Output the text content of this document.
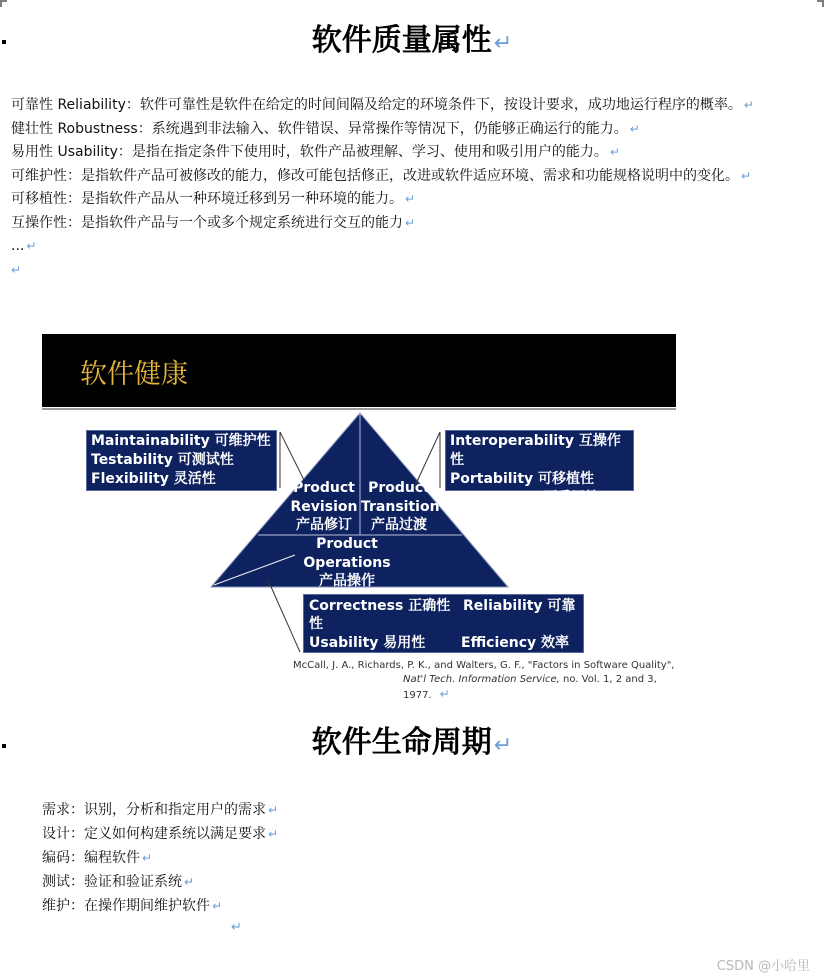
软件质量属性↵

可靠性 Reliability：软件可靠性是软件在给定的时间间隔及给定的环境条件下，按设计要求，成功地运行程序的概率。 ↵

健壮性 Robustness：系统遇到非法输入、软件错误、异常操作等情况下，仍能够正确运行的能力。 ↵

易用性 Usability：是指在指定条件下使用时，软件产品被理解、学习、使用和吸引用户的能力。 ↵

可维护性：是指软件产品可被修改的能力，修改可能包括修正，改进或软件适应环境、需求和功能规格说明中的变化。 ↵

可移植性：是指软件产品从一种环境迁移到另一种环境的能力。 ↵

互操作性：是指软件产品与一个或多个规定系统进行交互的能力 ↵

... ↵

↵

软件健康
Maintainability 可维护性
Testability 可测试性
Flexibility 灵活性
Interoperability 互操作性
Portability 可移植性
Reusability 可重用性
Correctness 正确性 Reliability 可靠
性
Usability 易用性	Efficiency 效率
Product
Revision
产品修订
Product
Transition
产品过渡
Product
Operations
产品操作
McCall, J. A., Richards, P. K., and Walters, G. F., "Factors in Software Quality",
Nat'l Tech. Information Service, no. Vol. 1, 2 and 3, 1977. ↵
软件生命周期↵
需求：识别，分析和指定用户的需求 ↵
设计：定义如何构建系统以满足要求 ↵
编码：编程软件 ↵
测试：验证和验证系统 ↵
维护：在操作期间维护软件 ↵
↵
CSDN @小哈里
